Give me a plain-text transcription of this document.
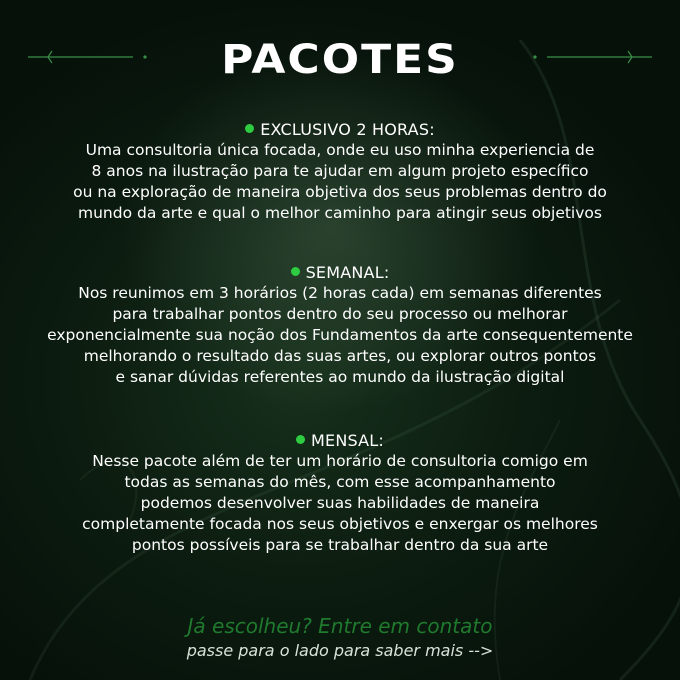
PACOTES
EXCLUSIVO 2 HORAS:
Uma consultoria única focada, onde eu uso minha experiencia de
8 anos na ilustração para te ajudar em algum projeto específico
ou na exploração de maneira objetiva dos seus problemas dentro do
mundo da arte e qual o melhor caminho para atingir seus objetivos
SEMANAL:
Nos reunimos em 3 horários (2 horas cada) em semanas diferentes
para trabalhar pontos dentro do seu processo ou melhorar
exponencialmente sua noção dos Fundamentos da arte consequentemente
melhorando o resultado das suas artes, ou explorar outros pontos
e sanar dúvidas referentes ao mundo da ilustração digital
MENSAL:
Nesse pacote além de ter um horário de consultoria comigo em
todas as semanas do mês, com esse acompanhamento
podemos desenvolver suas habilidades de maneira
completamente focada nos seus objetivos e enxergar os melhores
pontos possíveis para se trabalhar dentro da sua arte
Já escolheu? Entre em contato
passe para o lado para saber mais -->
